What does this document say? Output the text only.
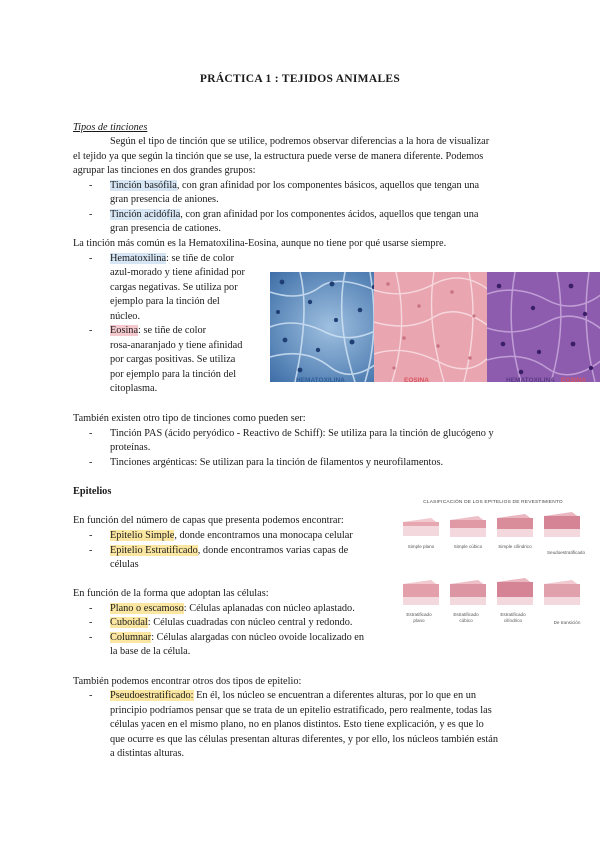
PRÁCTICA 1 : TEJIDOS ANIMALES
Tipos de tinciones
Según el tipo de tinción que se utilice, podremos observar diferencias a la hora de visualizar
el tejido ya que según la tinción que se use, la estructura puede verse de manera diferente. Podemos
agrupar las tinciones en dos grandes grupos:
- Tinción basófila, con gran afinidad por los componentes básicos, aquellos que tengan una
gran presencia de aniones.
- Tinción acidófila, con gran afinidad por los componentes ácidos, aquellos que tengan una
gran presencia de cationes.
La tinción más común es la Hematoxilina-Eosina, aunque no tiene por qué usarse siempre.
- Hematoxilina: se tiñe de color
azul-morado y tiene afinidad por
cargas negativas. Se utiliza por
ejemplo para la tinción del
núcleo.
- Eosina: se tiñe de color
rosa-anaranjado y tiene afinidad
por cargas positivas. Se utiliza
por ejemplo para la tinción del
citoplasma.
HEMATOXILINA	EOSINA	HEMATOXILINA EOSINA
También existen otro tipo de tinciones como pueden ser:
- Tinción PAS (ácido peryódico - Reactivo de Schiff): Se utiliza para la tinción de glucógeno y
proteínas.
- Tinciones argénticas: Se utilizan para la tinción de filamentos y neurofilamentos.
Epitelios
En función del número de capas que presenta podemos encontrar:
- Epitelio Simple, donde encontramos una monocapa celular
- Epitelio Estratificado, donde encontramos varias capas de
células
En función de la forma que adoptan las células:
- Plano o escamoso: Células aplanadas con núcleo aplastado.
- Cuboidal: Células cuadradas con núcleo central y redondo.
- Columnar: Células alargadas con núcleo ovoide localizado en
la base de la célula.
CLASIFICACIÓN DE LOS EPITELIOS DE REVESTIMIENTO
Simple plano	Simple cúbico	Simple cilíndrico
Seudoestratificado
Estratificado plano
Estratificado cúbico
Estratificado cilíndrico	De transición
También podemos encontrar otros dos tipos de epitelio:
- Pseudoestratificado: En él, los núcleo se encuentran a diferentes alturas, por lo que en un
principio podríamos pensar que se trata de un epitelio estratificado, pero realmente, todas las
células yacen en el mismo plano, no en planos distintos. Esto tiene explicación, y es que lo
que ocurre es que las células presentan alturas diferentes, y por ello, los núcleos también están
a distintas alturas.
